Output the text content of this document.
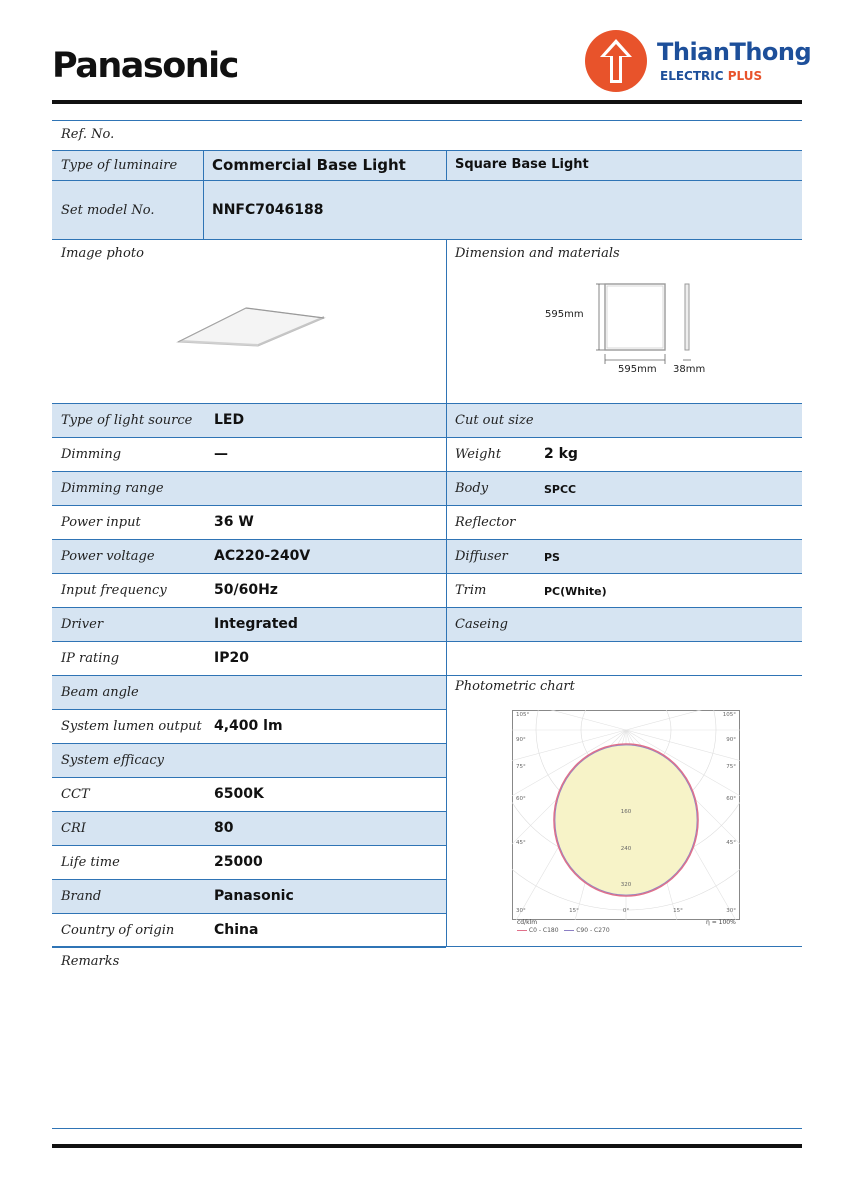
Panasonic	ThianThong
ELECTRIC PLUS
Ref. No.
Type of luminaire Commercial Base Light	Square Base Light
Set model No.	NNFC7046188
Image photo	Dimension and materials
595mm
595mm 38mm
Type of light source LED
Dimming	—
Dimming range
Power input	36 W
Power voltage	AC220-240V
Input frequency	50/60Hz
Driver	Integrated
IP rating	IP20
Beam angle
System lumen output 4,400 lm
System efficacy
CCT	6500K
CRI	80
Life time	25000
Brand	Panasonic
Country of origin	China
Cut out size
Weight	2 kg
Body	SPCC
Reflector
Diffuser	PS
Trim	PC(White)
Caseing
Photometric chart
105°
90°
75°
60°
45°
30°
105°
90°
75°
60°
45°
30°
15°	0°	15°
160
240
320
cd/klm
C0 - C180	C90 - C270
η = 100%
Remarks
